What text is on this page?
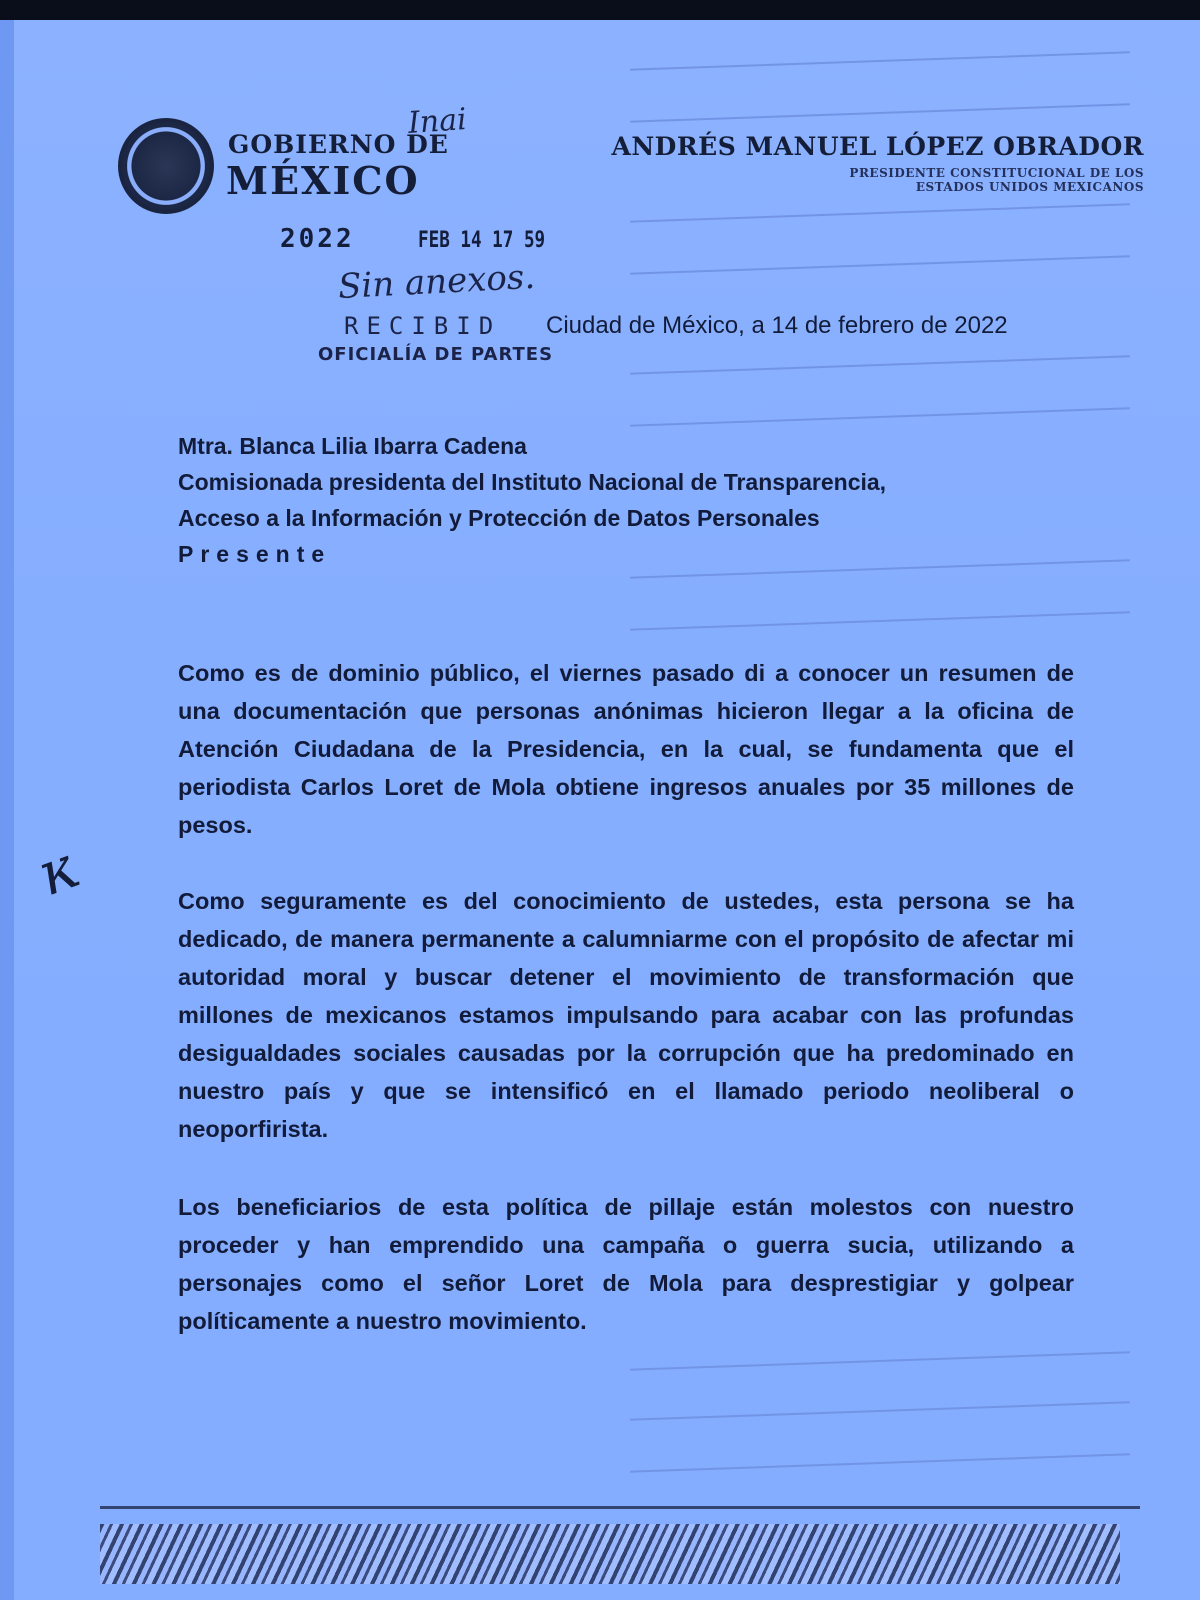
GOBIERNO DE
MÉXICO
Inai
ANDRÉS MANUEL LÓPEZ OBRADOR
PRESIDENTE CONSTITUCIONAL DE LOS
ESTADOS UNIDOS MEXICANOS
2022	FEB 14 17 59
Sin anexos.
RECIBID Ciudad de México, a 14 de febrero de 2022
OFICIALÍA DE PARTES
Mtra. Blanca Lilia Ibarra Cadena
Comisionada presidenta del Instituto Nacional de Transparencia,
Acceso a la Información y Protección de Datos Personales
Presente
ĸ
Como es de dominio público, el viernes pasado di a conocer un resumen de una documentación que personas anónimas hicieron llegar a la oficina de Atención Ciudadana de la Presidencia, en la cual, se fundamenta que el periodista Carlos Loret de Mola obtiene ingresos anuales por 35 millones de pesos.
Como seguramente es del conocimiento de ustedes, esta persona se ha dedicado, de manera permanente a calumniarme con el propósito de afectar mi autoridad moral y buscar detener el movimiento de transformación que millones de mexicanos estamos impulsando para acabar con las profundas desigualdades sociales causadas por la corrupción que ha predominado en nuestro país y que se intensificó en el llamado periodo neoliberal o neoporfirista.
Los beneficiarios de esta política de pillaje están molestos con nuestro proceder y han emprendido una campaña o guerra sucia, utilizando a personajes como el señor Loret de Mola para desprestigiar y golpear políticamente a nuestro movimiento.
